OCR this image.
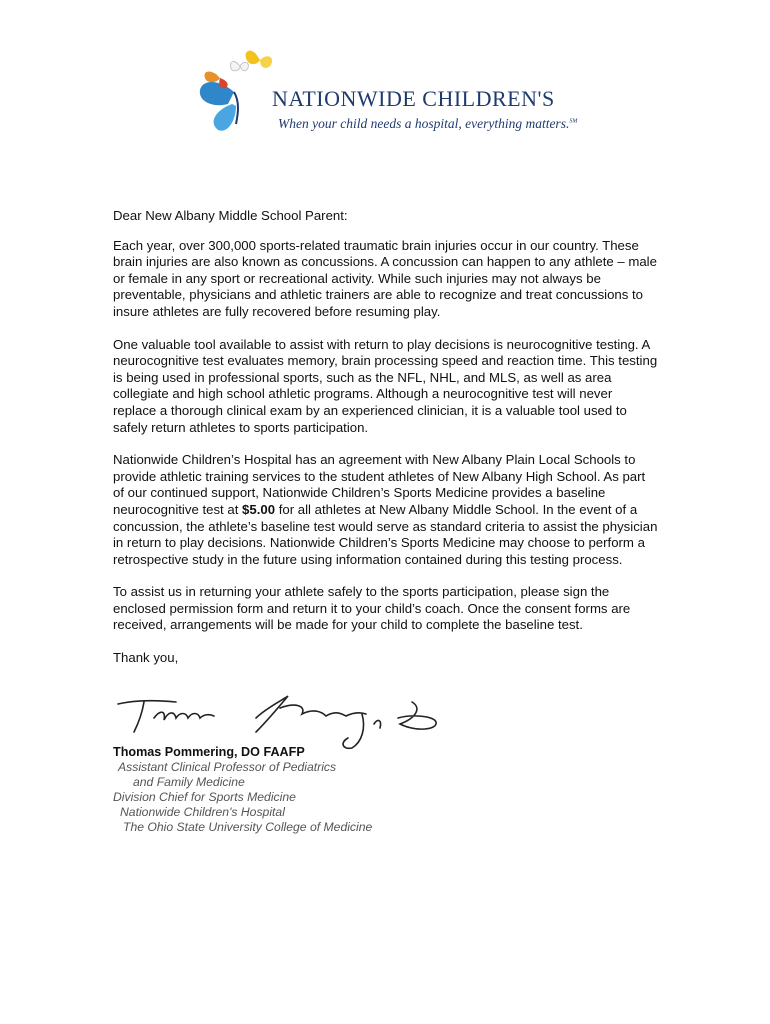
NATIONWIDE CHILDREN'S
When your child needs a hospital, everything matters.℠

Dear New Albany Middle School Parent:

Each year, over 300,000 sports-related traumatic brain injuries occur in our country. These brain injuries are also known as concussions. A concussion can happen to any athlete – male or female in any sport or recreational activity. While such injuries may not always be preventable, physicians and athletic trainers are able to recognize and treat concussions to insure athletes are fully recovered before resuming play.

One valuable tool available to assist with return to play decisions is neurocognitive testing. A neurocognitive test evaluates memory, brain processing speed and reaction time. This testing is being used in professional sports, such as the NFL, NHL, and MLS, as well as area collegiate and high school athletic programs. Although a neurocognitive test will never replace a thorough clinical exam by an experienced clinician, it is a valuable tool used to safely return athletes to sports participation.

Nationwide Children’s Hospital has an agreement with New Albany Plain Local Schools to provide athletic training services to the student athletes of New Albany High School. As part of our continued support, Nationwide Children’s Sports Medicine provides a baseline neurocognitive test at $5.00 for all athletes at New Albany Middle School. In the event of a concussion, the athlete’s baseline test would serve as standard criteria to assist the physician in return to play decisions. Nationwide Children’s Sports Medicine may choose to perform a retrospective study in the future using information contained during this testing process.

To assist us in returning your athlete safely to the sports participation, please sign the enclosed permission form and return it to your child’s coach. Once the consent forms are received, arrangements will be made for your child to complete the baseline test.

Thank you,

Thomas Pommering, DO FAAFP
Assistant Clinical Professor of Pediatrics
and Family Medicine
Division Chief for Sports Medicine
Nationwide Children's Hospital
The Ohio State University College of Medicine
